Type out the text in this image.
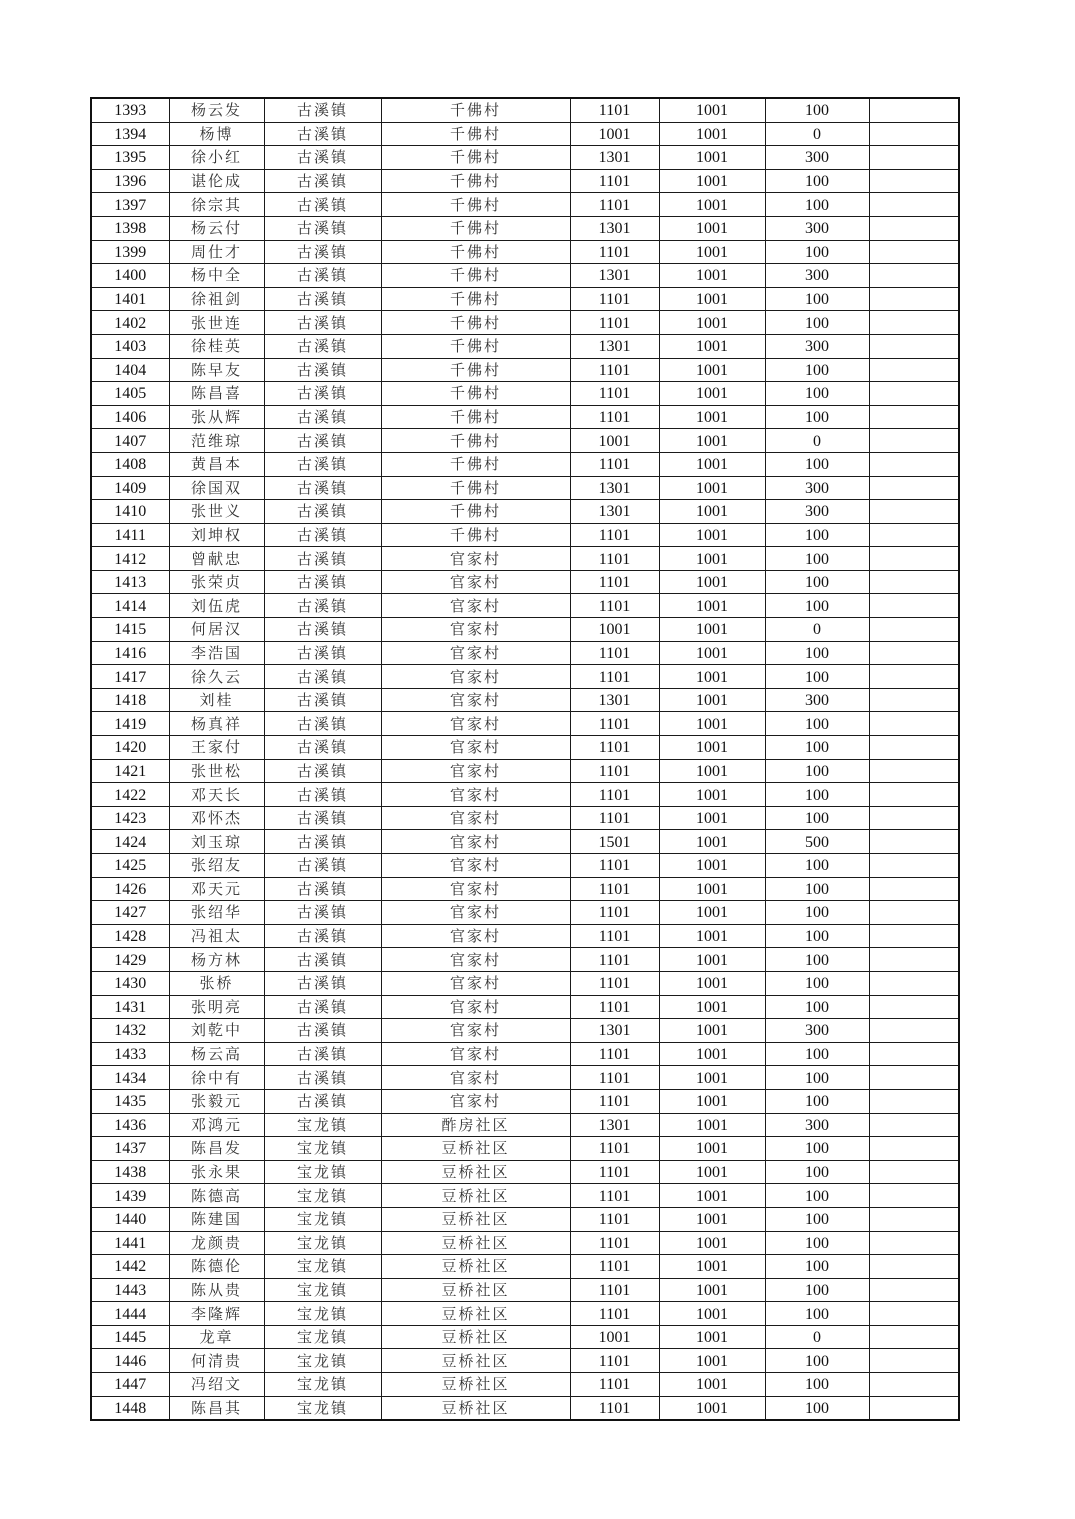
1393	杨云发	古溪镇	千佛村	1101	1001	100	
1394	杨博	古溪镇	千佛村	1001	1001	0	
1395	徐小红	古溪镇	千佛村	1301	1001	300	
1396	谌伦成	古溪镇	千佛村	1101	1001	100	
1397	徐宗其	古溪镇	千佛村	1101	1001	100	
1398	杨云付	古溪镇	千佛村	1301	1001	300	
1399	周仕才	古溪镇	千佛村	1101	1001	100	
1400	杨中全	古溪镇	千佛村	1301	1001	300	
1401	徐祖剑	古溪镇	千佛村	1101	1001	100	
1402	张世连	古溪镇	千佛村	1101	1001	100	
1403	徐桂英	古溪镇	千佛村	1301	1001	300	
1404	陈早友	古溪镇	千佛村	1101	1001	100	
1405	陈昌喜	古溪镇	千佛村	1101	1001	100	
1406	张从辉	古溪镇	千佛村	1101	1001	100	
1407	范维琼	古溪镇	千佛村	1001	1001	0	
1408	黄昌本	古溪镇	千佛村	1101	1001	100	
1409	徐国双	古溪镇	千佛村	1301	1001	300	
1410	张世义	古溪镇	千佛村	1301	1001	300	
1411	刘坤权	古溪镇	千佛村	1101	1001	100	
1412	曾献忠	古溪镇	官家村	1101	1001	100	
1413	张荣贞	古溪镇	官家村	1101	1001	100	
1414	刘伍虎	古溪镇	官家村	1101	1001	100	
1415	何居汉	古溪镇	官家村	1001	1001	0	
1416	李浩国	古溪镇	官家村	1101	1001	100	
1417	徐久云	古溪镇	官家村	1101	1001	100	
1418	刘桂	古溪镇	官家村	1301	1001	300	
1419	杨真祥	古溪镇	官家村	1101	1001	100	
1420	王家付	古溪镇	官家村	1101	1001	100	
1421	张世松	古溪镇	官家村	1101	1001	100	
1422	邓天长	古溪镇	官家村	1101	1001	100	
1423	邓怀杰	古溪镇	官家村	1101	1001	100	
1424	刘玉琼	古溪镇	官家村	1501	1001	500	
1425	张绍友	古溪镇	官家村	1101	1001	100	
1426	邓天元	古溪镇	官家村	1101	1001	100	
1427	张绍华	古溪镇	官家村	1101	1001	100	
1428	冯祖太	古溪镇	官家村	1101	1001	100	
1429	杨方林	古溪镇	官家村	1101	1001	100	
1430	张桥	古溪镇	官家村	1101	1001	100	
1431	张明亮	古溪镇	官家村	1101	1001	100	
1432	刘乾中	古溪镇	官家村	1301	1001	300	
1433	杨云高	古溪镇	官家村	1101	1001	100	
1434	徐中有	古溪镇	官家村	1101	1001	100	
1435	张毅元	古溪镇	官家村	1101	1001	100	
1436	邓鸿元	宝龙镇	酢房社区	1301	1001	300	
1437	陈昌发	宝龙镇	豆桥社区	1101	1001	100	
1438	张永果	宝龙镇	豆桥社区	1101	1001	100	
1439	陈德高	宝龙镇	豆桥社区	1101	1001	100	
1440	陈建国	宝龙镇	豆桥社区	1101	1001	100	
1441	龙颜贵	宝龙镇	豆桥社区	1101	1001	100	
1442	陈德伦	宝龙镇	豆桥社区	1101	1001	100	
1443	陈从贵	宝龙镇	豆桥社区	1101	1001	100	
1444	李隆辉	宝龙镇	豆桥社区	1101	1001	100	
1445	龙章	宝龙镇	豆桥社区	1001	1001	0	
1446	何清贵	宝龙镇	豆桥社区	1101	1001	100	
1447	冯绍文	宝龙镇	豆桥社区	1101	1001	100	
1448	陈昌其	宝龙镇	豆桥社区	1101	1001	100	
